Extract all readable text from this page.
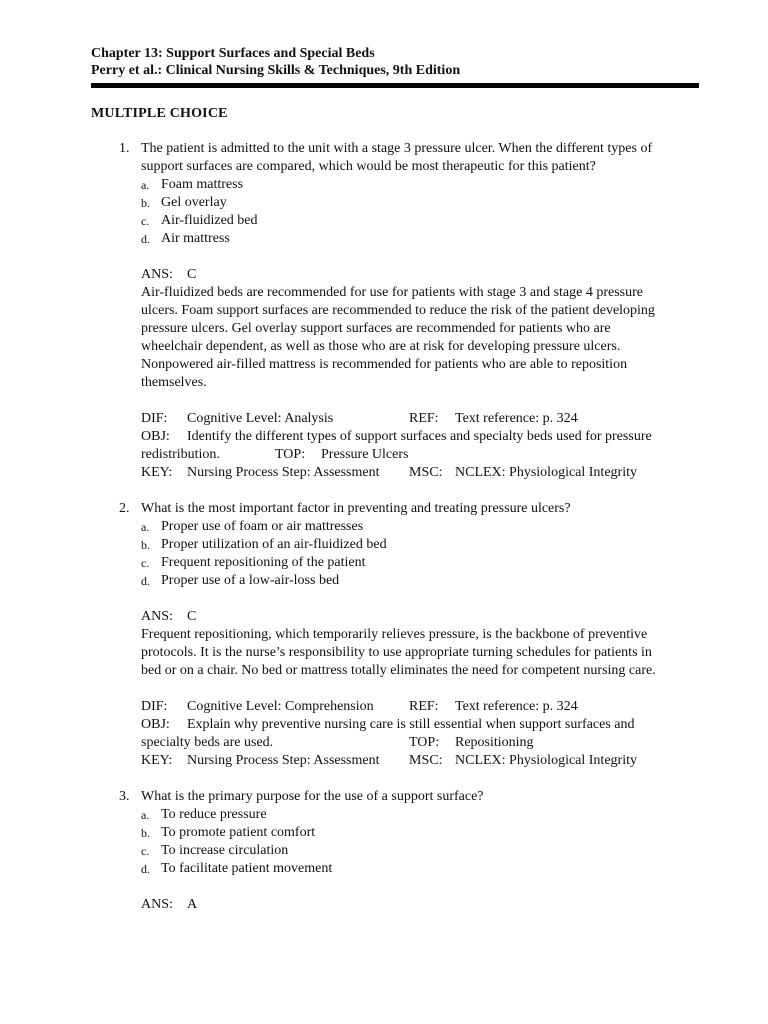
Chapter 13: Support Surfaces and Special Beds
Perry et al.: Clinical Nursing Skills & Techniques, 9th Edition
MULTIPLE CHOICE
1. The patient is admitted to the unit with a stage 3 pressure ulcer. When the different types of
support surfaces are compared, which would be most therapeutic for this patient?
a. Foam mattress
b. Gel overlay
c. Air-fluidized bed
d. Air mattress
ANS: C
Air-fluidized beds are recommended for use for patients with stage 3 and stage 4 pressure
ulcers. Foam support surfaces are recommended to reduce the risk of the patient developing
pressure ulcers. Gel overlay support surfaces are recommended for patients who are
wheelchair dependent, as well as those who are at risk for developing pressure ulcers.
Nonpowered air-filled mattress is recommended for patients who are able to reposition
themselves.
DIF: Cognitive Level: Analysis	REF: Text reference: p. 324
OBJ: Identify the different types of support surfaces and specialty beds used for pressure
redistribution.	TOP: Pressure Ulcers
KEY: Nursing Process Step: Assessment MSC: NCLEX: Physiological Integrity
2. What is the most important factor in preventing and treating pressure ulcers?
a. Proper use of foam or air mattresses
b. Proper utilization of an air-fluidized bed
c. Frequent repositioning of the patient
d. Proper use of a low-air-loss bed
ANS: C
Frequent repositioning, which temporarily relieves pressure, is the backbone of preventive
protocols. It is the nurse’s responsibility to use appropriate turning schedules for patients in
bed or on a chair. No bed or mattress totally eliminates the need for competent nursing care.
DIF: Cognitive Level: Comprehension	REF: Text reference: p. 324
OBJ: Explain why preventive nursing care is still essential when support surfaces and
specialty beds are used.	TOP: Repositioning
KEY: Nursing Process Step: Assessment MSC: NCLEX: Physiological Integrity
3. What is the primary purpose for the use of a support surface?
a. To reduce pressure
b. To promote patient comfort
c. To increase circulation
d. To facilitate patient movement
ANS: A
